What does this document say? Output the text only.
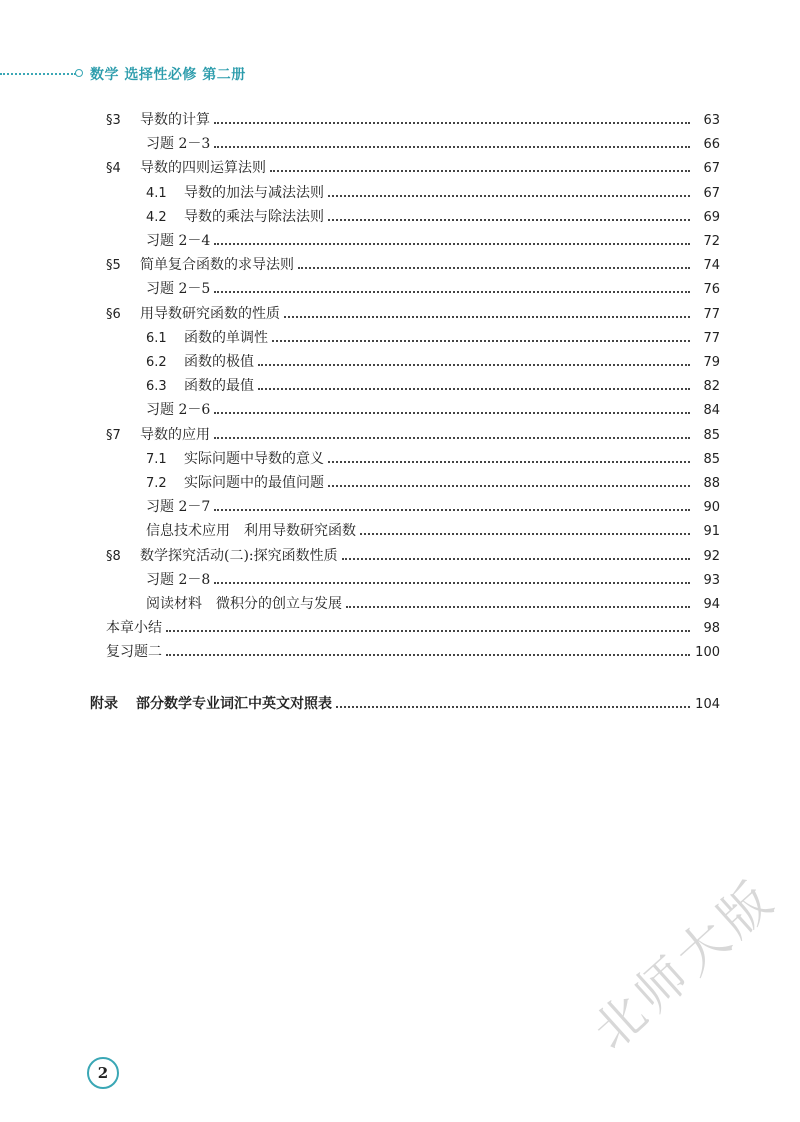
数学 选择性必修 第二册
§3	导数的计算	63
习题 2－3	66
§4	导数的四则运算法则	67
4.1	导数的加法与减法法则	67
4.2	导数的乘法与除法法则	69
习题 2－4	72
§5	简单复合函数的求导法则	74
习题 2－5	76
§6	用导数研究函数的性质	77
6.1	函数的单调性	77
6.2	函数的极值	79
6.3	函数的最值	82
习题 2－6	84
§7	导数的应用	85
7.1	实际问题中导数的意义	85
7.2	实际问题中的最值问题	88
习题 2－7	90
信息技术应用　利用导数研究函数	91
§8	数学探究活动(二):探究函数性质	92
习题 2－8	93
阅读材料　微积分的创立与发展	94
本章小结	98
复习题二	100
附录 部分数学专业词汇中英文对照表	104
2
北师大版
